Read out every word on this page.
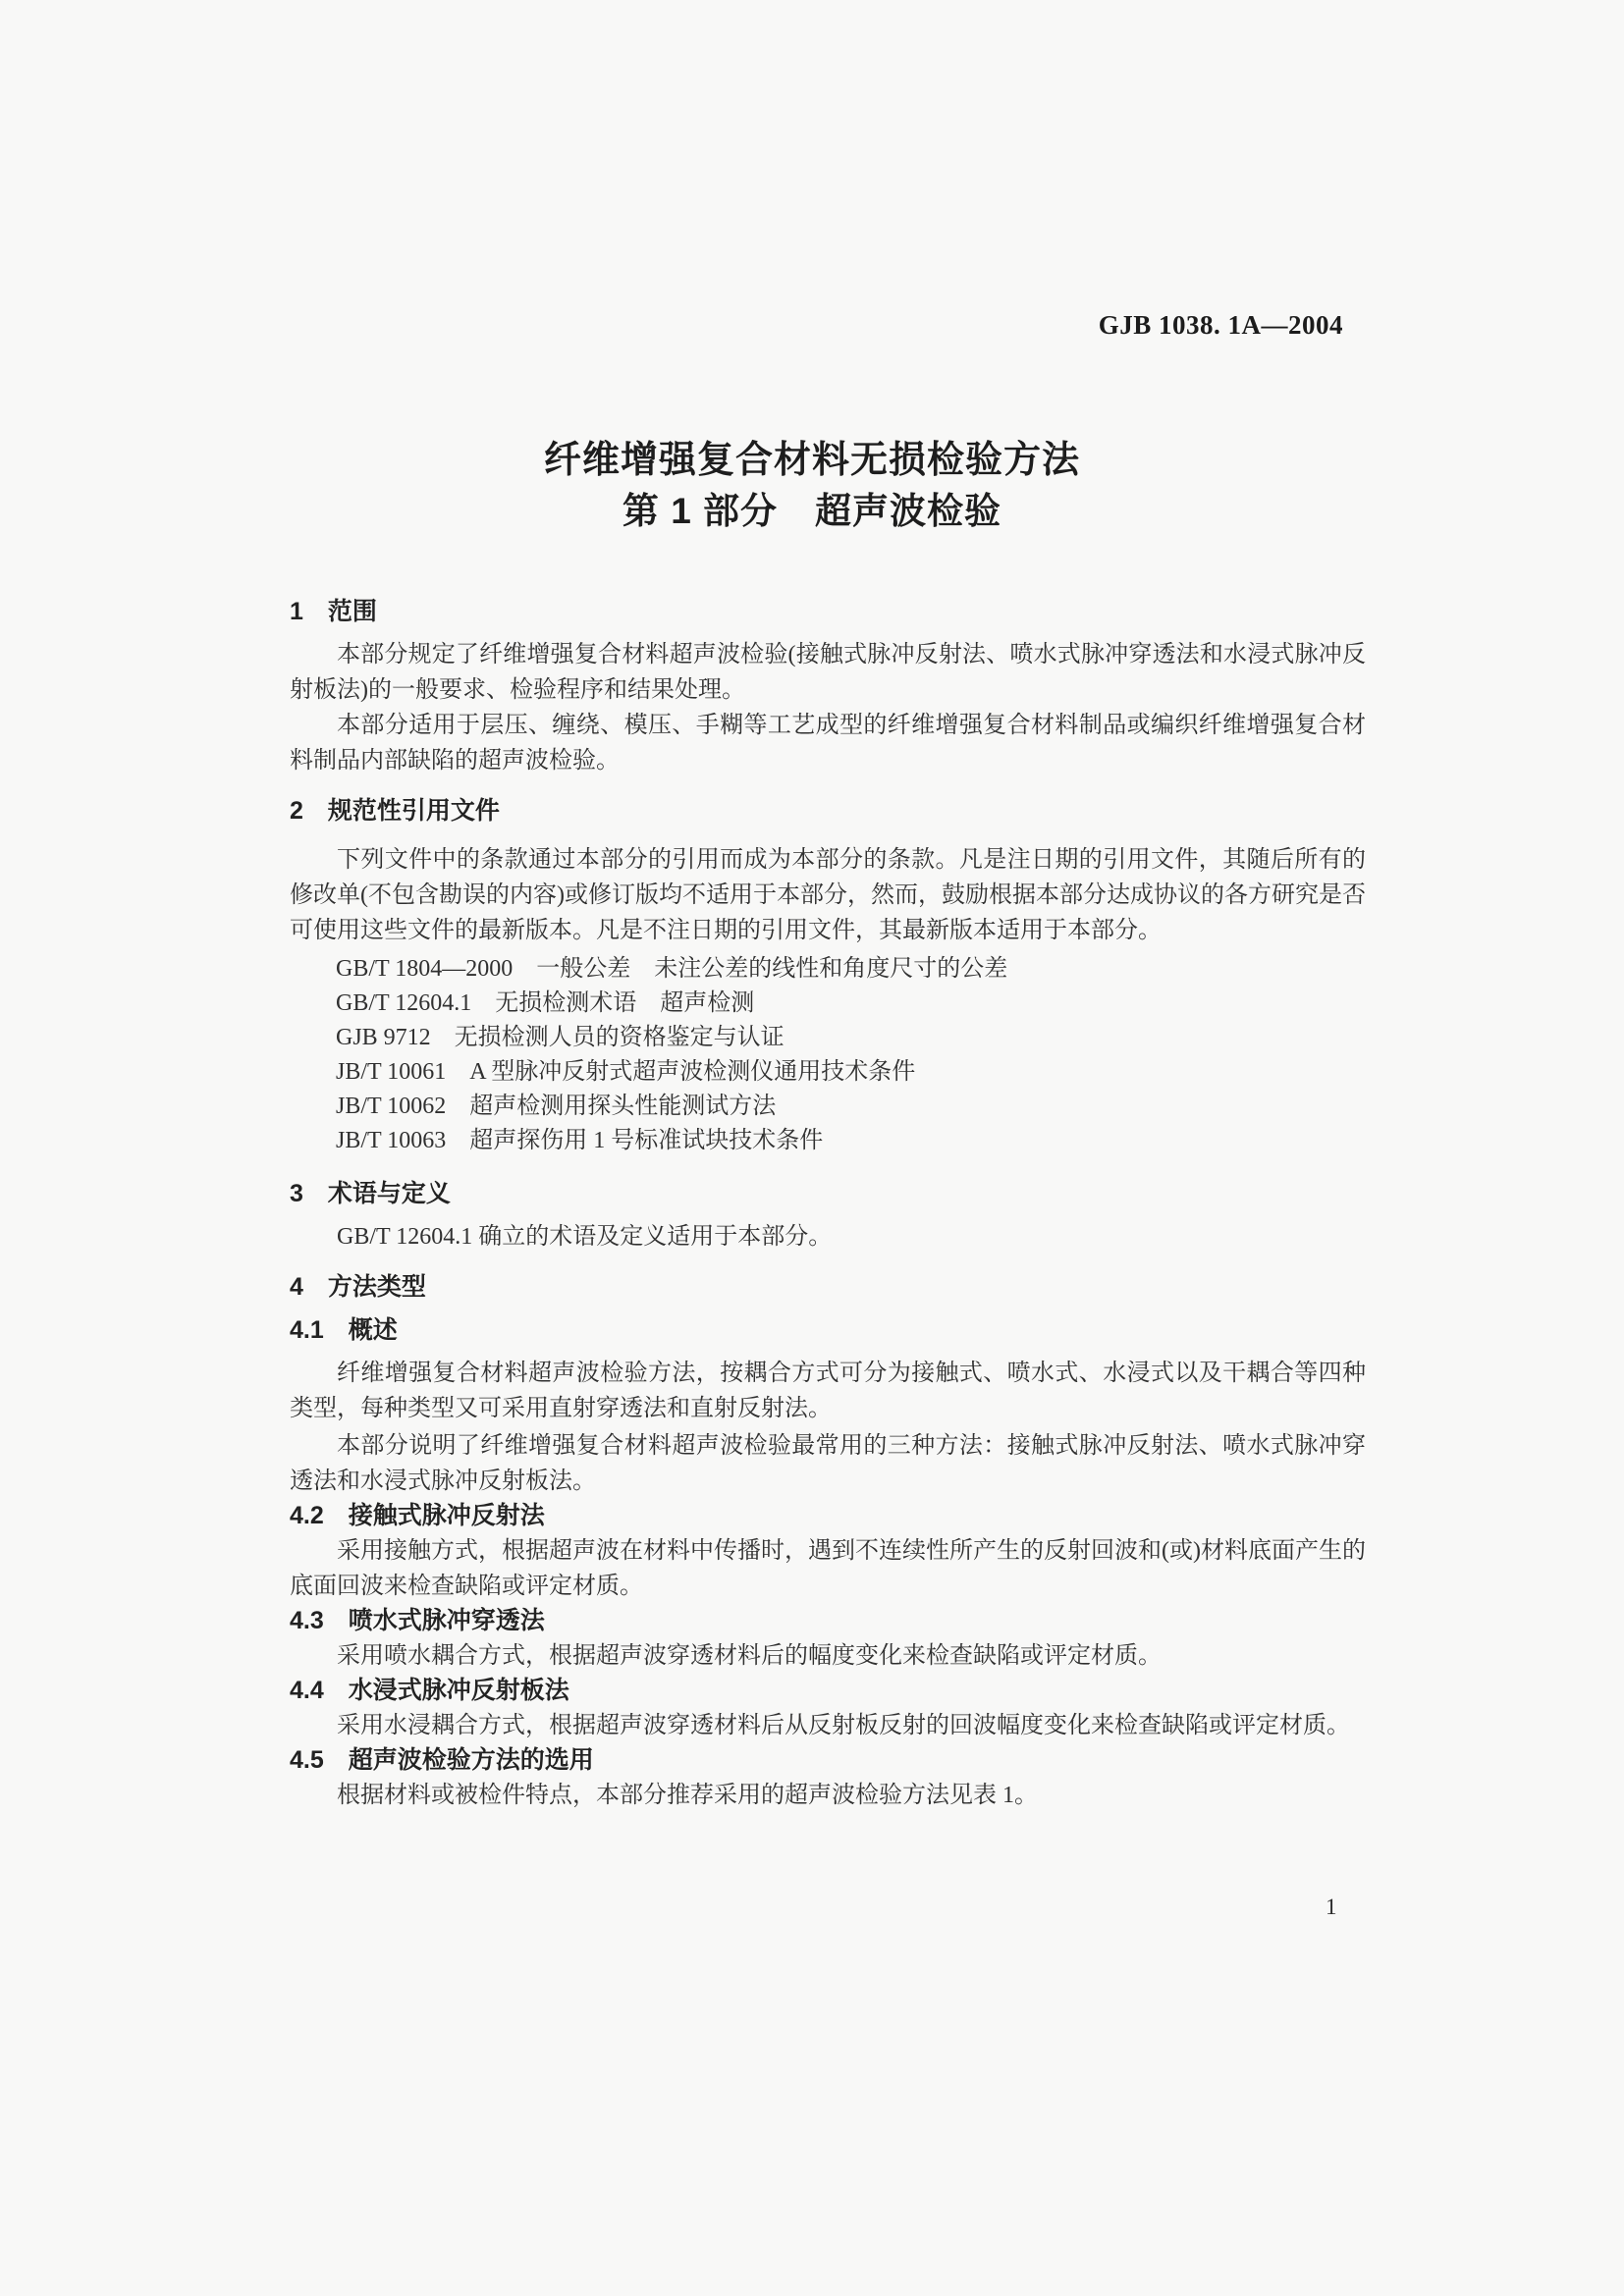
GJB 1038. 1A—2004
纤维增强复合材料无损检验方法
第 1 部分　超声波检验
1 范围

本部分规定了纤维增强复合材料超声波检验(接触式脉冲反射法、喷水式脉冲穿透法和水浸式脉冲反射板法)的一般要求、检验程序和结果处理。

本部分适用于层压、缠绕、模压、手糊等工艺成型的纤维增强复合材料制品或编织纤维增强复合材料制品内部缺陷的超声波检验。

2 规范性引用文件

下列文件中的条款通过本部分的引用而成为本部分的条款。凡是注日期的引用文件，其随后所有的修改单(不包含勘误的内容)或修订版均不适用于本部分，然而，鼓励根据本部分达成协议的各方研究是否可使用这些文件的最新版本。凡是不注日期的引用文件，其最新版本适用于本部分。

GB/T 1804—2000　一般公差　未注公差的线性和角度尺寸的公差
GB/T 12604.1　无损检测术语　超声检测
GJB 9712　无损检测人员的资格鉴定与认证
JB/T 10061　A 型脉冲反射式超声波检测仪通用技术条件
JB/T 10062　超声检测用探头性能测试方法
JB/T 10063　超声探伤用 1 号标准试块技术条件
3 术语与定义

GB/T 12604.1 确立的术语及定义适用于本部分。

4 方法类型
4.1 概述

纤维增强复合材料超声波检验方法，按耦合方式可分为接触式、喷水式、水浸式以及干耦合等四种类型，每种类型又可采用直射穿透法和直射反射法。

本部分说明了纤维增强复合材料超声波检验最常用的三种方法：接触式脉冲反射法、喷水式脉冲穿透法和水浸式脉冲反射板法。

4.2 接触式脉冲反射法

采用接触方式，根据超声波在材料中传播时，遇到不连续性所产生的反射回波和(或)材料底面产生的底面回波来检查缺陷或评定材质。

4.3 喷水式脉冲穿透法

采用喷水耦合方式，根据超声波穿透材料后的幅度变化来检查缺陷或评定材质。

4.4 水浸式脉冲反射板法

采用水浸耦合方式，根据超声波穿透材料后从反射板反射的回波幅度变化来检查缺陷或评定材质。

4.5 超声波检验方法的选用

根据材料或被检件特点，本部分推荐采用的超声波检验方法见表 1。

1
